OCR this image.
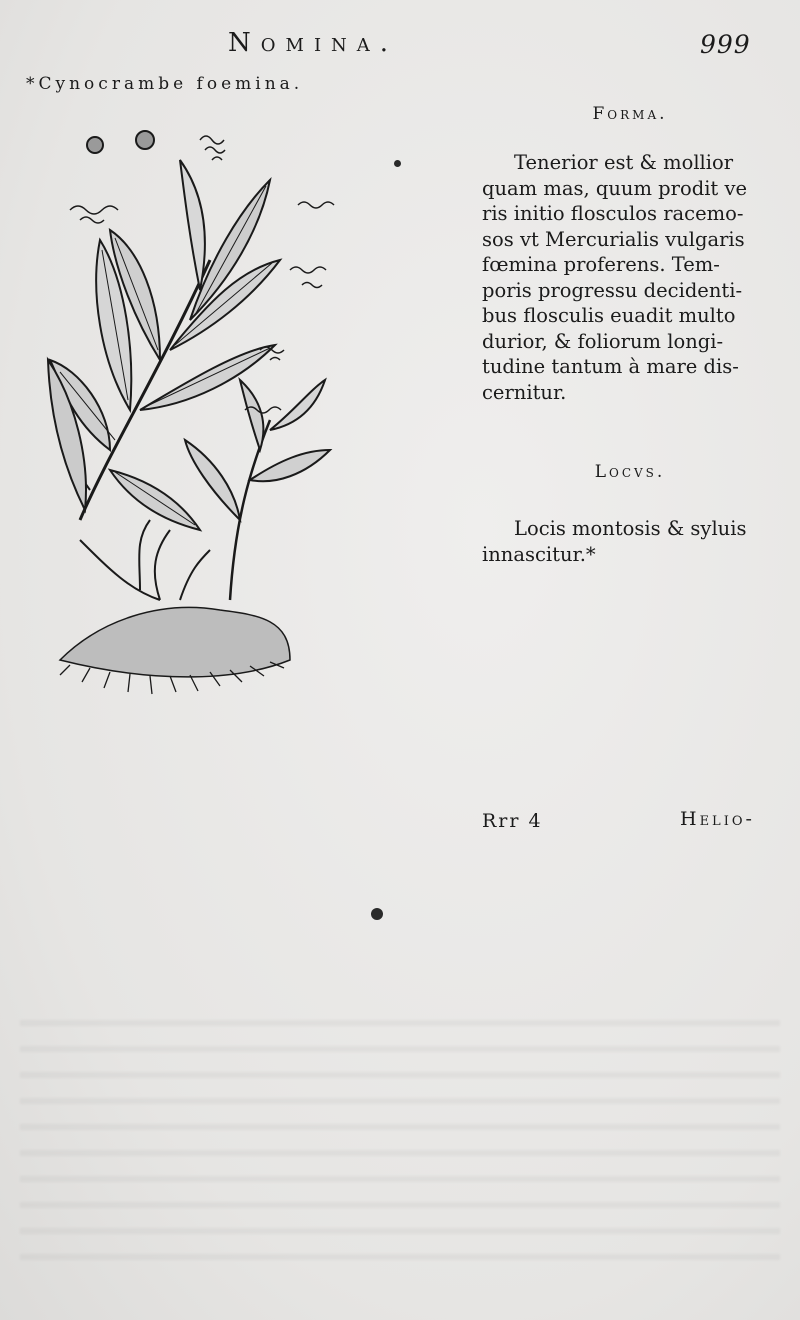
Nomina.	999
*Cynocrambe foemina.
Forma.

Tenerior est & mollior
quam mas, quum prodit ve
ris initio flosculos racemo-
sos vt Mercurialis vulgaris
fœmina proferens. Tem-
poris progressu decidenti-
bus flosculis euadit multo
durior, & foliorum longi-
tudine tantum à mare dis-
cernitur.

Locvs.

Locis montosis & syluis
innascitur.*

Rrr 4	Helio-
